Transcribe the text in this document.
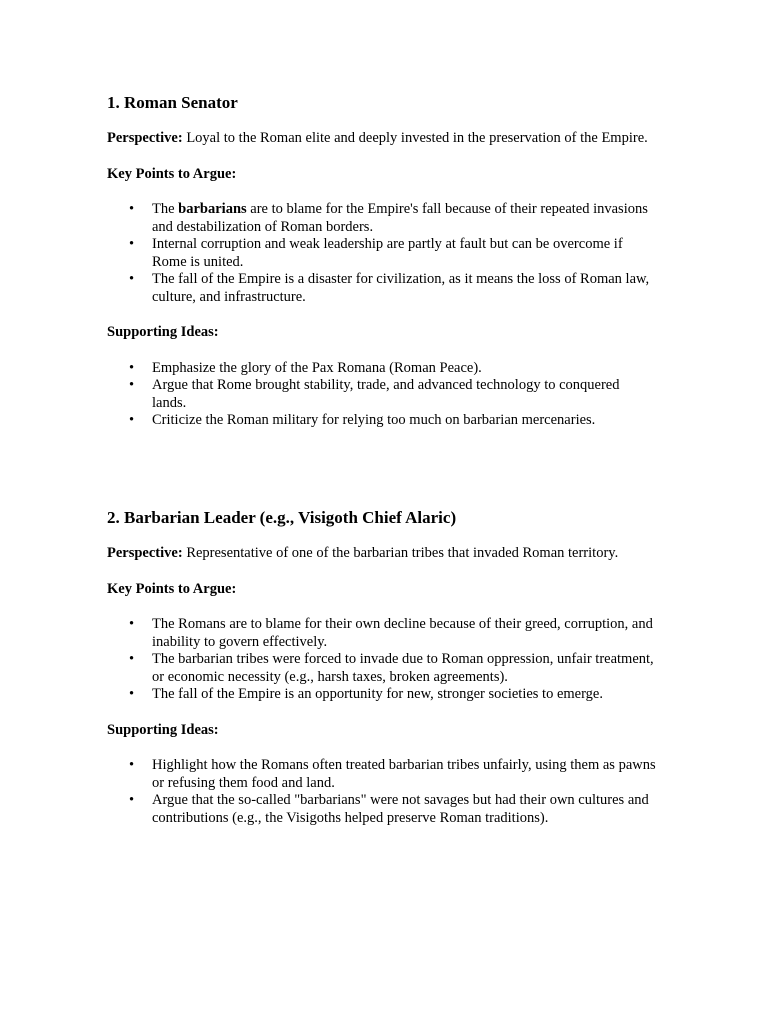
1. Roman Senator

Perspective: Loyal to the Roman elite and deeply invested in the preservation of the Empire.

Key Points to Argue:

• The barbarians are to blame for the Empire's fall because of their repeated invasions and destabilization of Roman borders.
• Internal corruption and weak leadership are partly at fault but can be overcome if Rome is united.
• The fall of the Empire is a disaster for civilization, as it means the loss of Roman law, culture, and infrastructure.

Supporting Ideas:

• Emphasize the glory of the Pax Romana (Roman Peace).
• Argue that Rome brought stability, trade, and advanced technology to conquered lands.
• Criticize the Roman military for relying too much on barbarian mercenaries.
2. Barbarian Leader (e.g., Visigoth Chief Alaric)

Perspective: Representative of one of the barbarian tribes that invaded Roman territory.

Key Points to Argue:

• The Romans are to blame for their own decline because of their greed, corruption, and inability to govern effectively.
• The barbarian tribes were forced to invade due to Roman oppression, unfair treatment, or economic necessity (e.g., harsh taxes, broken agreements).
• The fall of the Empire is an opportunity for new, stronger societies to emerge.

Supporting Ideas:

• Highlight how the Romans often treated barbarian tribes unfairly, using them as pawns or refusing them food and land.
• Argue that the so-called "barbarians" were not savages but had their own cultures and contributions (e.g., the Visigoths helped preserve Roman traditions).
